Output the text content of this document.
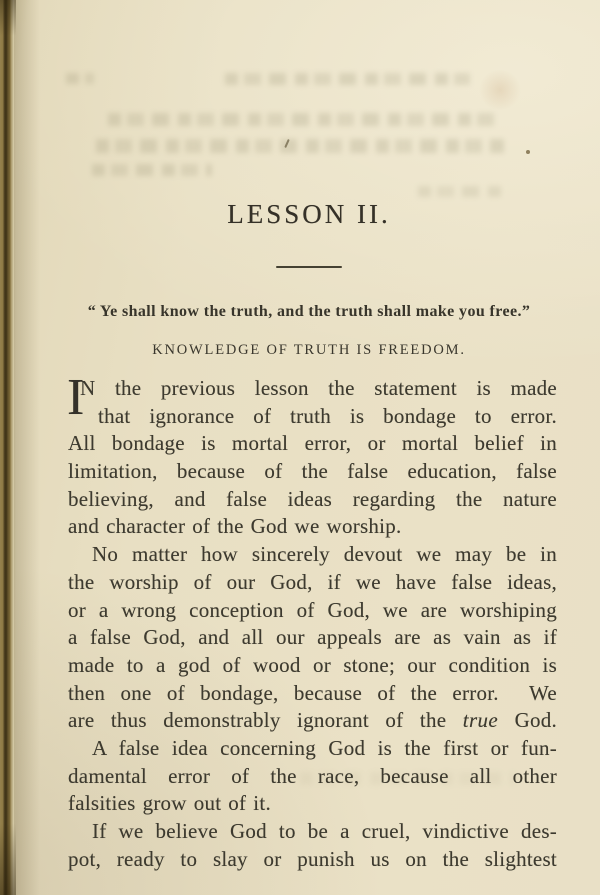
LESSON II.
“ Ye shall know the truth, and the truth shall make you free.”
KNOWLEDGE OF TRUTH IS FREEDOM.
I
N the previous lesson the statement is made
that ignorance of truth is bondage to error.
All bondage is mortal error, or mortal belief in
limitation, because of the false education, false
believing, and false ideas regarding the nature
and character of the God we worship.
No matter how sincerely devout we may be in
the worship of our God, if we have false ideas,
or a wrong conception of God, we are worshiping
a false God, and all our appeals are as vain as if
made to a god of wood or stone; our condition is
then one of bondage, because of the error.  We
are thus demonstrably ignorant of the true God.
A false idea concerning God is the first or fun-
damental error of the race, because all other
falsities grow out of it.
If we believe God to be a cruel, vindictive des-
pot, ready to slay or punish us on the slightest
